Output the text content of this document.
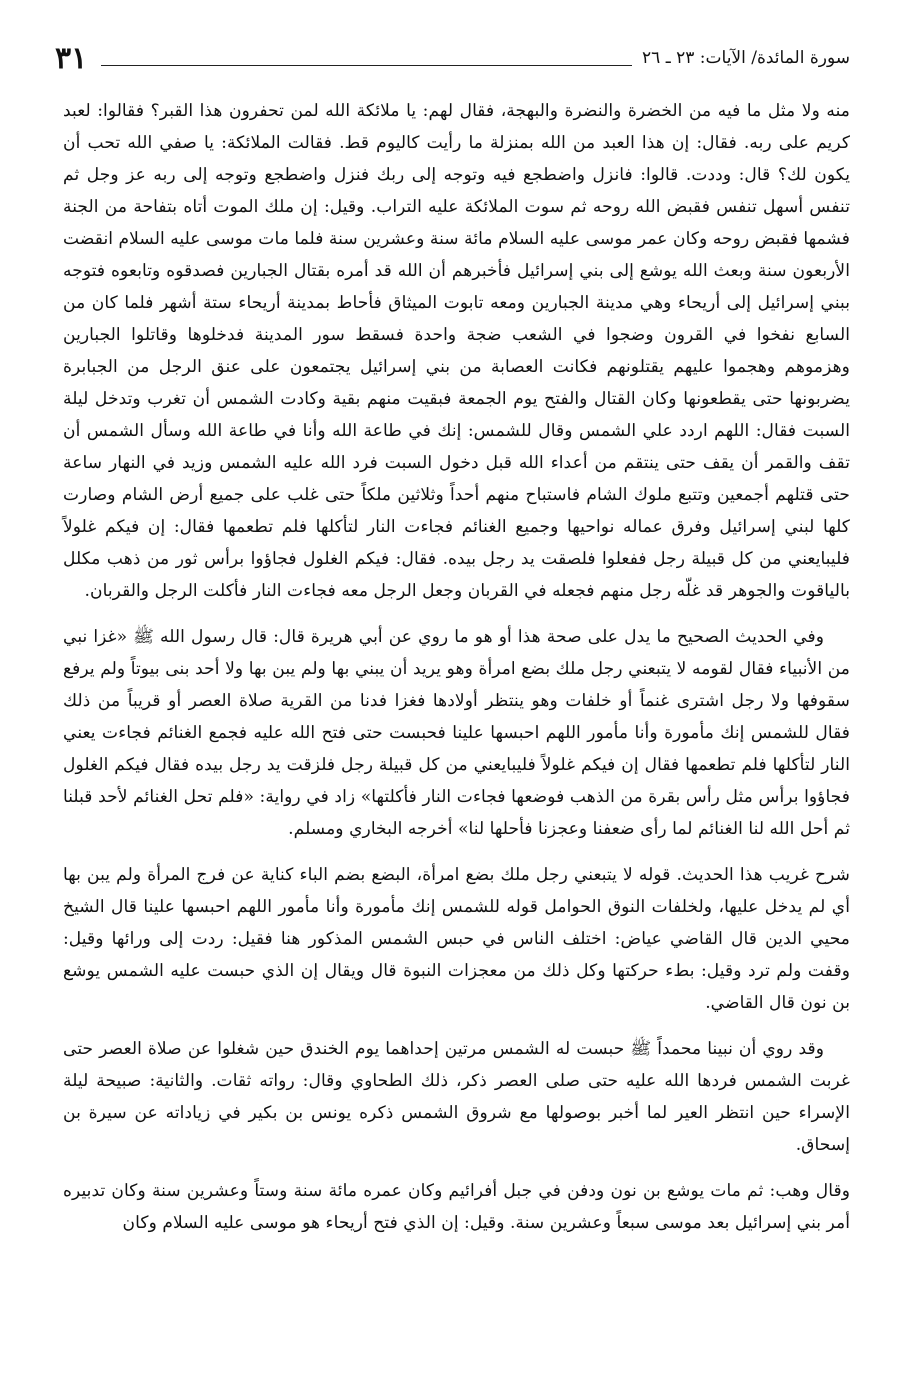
سورة المائدة/ الآيات: ٢٣ ـ ٢٦
٣١

منه ولا مثل ما فيه من الخضرة والنضرة والبهجة، فقال لهم: يا ملائكة الله لمن تحفرون هذا القبر؟ فقالوا: لعبد كريم على ربه. فقال: إن هذا العبد من الله بمنزلة ما رأيت كاليوم قط. فقالت الملائكة: يا صفي الله تحب أن يكون لك؟ قال: وددت. قالوا: فانزل واضطجع فيه وتوجه إلى ربك فنزل واضطجع وتوجه إلى ربه عز وجل ثم تنفس أسهل تنفس فقبض الله روحه ثم سوت الملائكة عليه التراب. وقيل: إن ملك الموت أتاه بتفاحة من الجنة فشمها فقبض روحه وكان عمر موسى عليه السلام مائة سنة وعشرين سنة فلما مات موسى عليه السلام انقضت الأربعون سنة وبعث الله يوشع إلى بني إسرائيل فأخبرهم أن الله قد أمره بقتال الجبارين فصدقوه وتابعوه فتوجه ببني إسرائيل إلى أريحاء وهي مدينة الجبارين ومعه تابوت الميثاق فأحاط بمدينة أريحاء ستة أشهر فلما كان من السابع نفخوا في القرون وضجوا في الشعب ضجة واحدة فسقط سور المدينة فدخلوها وقاتلوا الجبارين وهزموهم وهجموا عليهم يقتلونهم فكانت العصابة من بني إسرائيل يجتمعون على عنق الرجل من الجبابرة يضربونها حتى يقطعونها وكان القتال والفتح يوم الجمعة فبقيت منهم بقية وكادت الشمس أن تغرب وتدخل ليلة السبت فقال: اللهم اردد علي الشمس وقال للشمس: إنك في طاعة الله وأنا في طاعة الله وسأل الشمس أن تقف والقمر أن يقف حتى ينتقم من أعداء الله قبل دخول السبت فرد الله عليه الشمس وزيد في النهار ساعة حتى قتلهم أجمعين وتتبع ملوك الشام فاستباح منهم أحداً وثلاثين ملكاً حتى غلب على جميع أرض الشام وصارت كلها لبني إسرائيل وفرق عماله نواحيها وجميع الغنائم فجاءت النار لتأكلها فلم تطعمها فقال: إن فيكم غلولاً فليبايعني من كل قبيلة رجل ففعلوا فلصقت يد رجل بيده. فقال: فيكم الغلول فجاؤوا برأس ثور من ذهب مكلل بالياقوت والجوهر قد غلّه رجل منهم فجعله في القربان وجعل الرجل معه فجاءت النار فأكلت الرجل والقربان.

وفي الحديث الصحيح ما يدل على صحة هذا أو هو ما روي عن أبي هريرة قال: قال رسول الله ﷺ «غزا نبي من الأنبياء فقال لقومه لا يتبعني رجل ملك بضع امرأة وهو يريد أن يبني بها ولم يبن بها ولا أحد بنى بيوتاً ولم يرفع سقوفها ولا رجل اشترى غنماً أو خلفات وهو ينتظر أولادها فغزا فدنا من القرية صلاة العصر أو قريباً من ذلك فقال للشمس إنك مأمورة وأنا مأمور اللهم احبسها علينا فحبست حتى فتح الله عليه فجمع الغنائم فجاءت يعني النار لتأكلها فلم تطعمها فقال إن فيكم غلولاً فليبايعني من كل قبيلة رجل فلزقت يد رجل بيده فقال فيكم الغلول فجاؤوا برأس مثل رأس بقرة من الذهب فوضعها فجاءت النار فأكلتها» زاد في رواية: «فلم تحل الغنائم لأحد قبلنا ثم أحل الله لنا الغنائم لما رأى ضعفنا وعجزنا فأحلها لنا» أخرجه البخاري ومسلم.

شرح غريب هذا الحديث. قوله لا يتبعني رجل ملك بضع امرأة، البضع بضم الباء كناية عن فرج المرأة ولم يبن بها أي لم يدخل عليها، ولخلفات النوق الحوامل قوله للشمس إنك مأمورة وأنا مأمور اللهم احبسها علينا قال الشيخ محيي الدين قال القاضي عياض: اختلف الناس في حبس الشمس المذكور هنا فقيل: ردت إلى ورائها وقيل: وقفت ولم ترد وقيل: بطء حركتها وكل ذلك من معجزات النبوة قال ويقال إن الذي حبست عليه الشمس يوشع بن نون قال القاضي.

وقد روي أن نبينا محمداً ﷺ حبست له الشمس مرتين إحداهما يوم الخندق حين شغلوا عن صلاة العصر حتى غربت الشمس فردها الله عليه حتى صلى العصر ذكر، ذلك الطحاوي وقال: رواته ثقات. والثانية: صبيحة ليلة الإسراء حين انتظر العير لما أخبر بوصولها مع شروق الشمس ذكره يونس بن بكير في زياداته عن سيرة بن إسحاق.

وقال وهب: ثم مات يوشع بن نون ودفن في جبل أفرائيم وكان عمره مائة سنة وستاً وعشرين سنة وكان تدبيره أمر بني إسرائيل بعد موسى سبعاً وعشرين سنة. وقيل: إن الذي فتح أريحاء هو موسى عليه السلام وكان
